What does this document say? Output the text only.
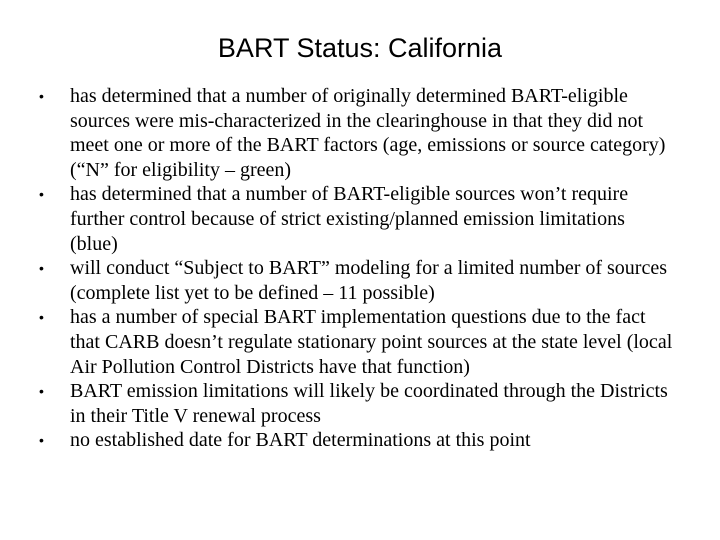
BART Status: California
• has determined that a number of originally determined BART-eligible sources were mis-characterized in the clearinghouse in that they did not meet one or more of the BART factors (age, emissions or source category) (“N” for eligibility – green)
• has determined that a number of BART-eligible sources won’t require further control because of strict existing/planned emission limitations (blue)
• will conduct “Subject to BART” modeling for a limited number of sources (complete list yet to be defined – 11 possible)
• has a number of special BART implementation questions due to the fact that CARB doesn’t regulate stationary point sources at the state level (local Air Pollution Control Districts have that function)
• BART emission limitations will likely be coordinated through the Districts in their Title V renewal process
• no established date for BART determinations at this point
